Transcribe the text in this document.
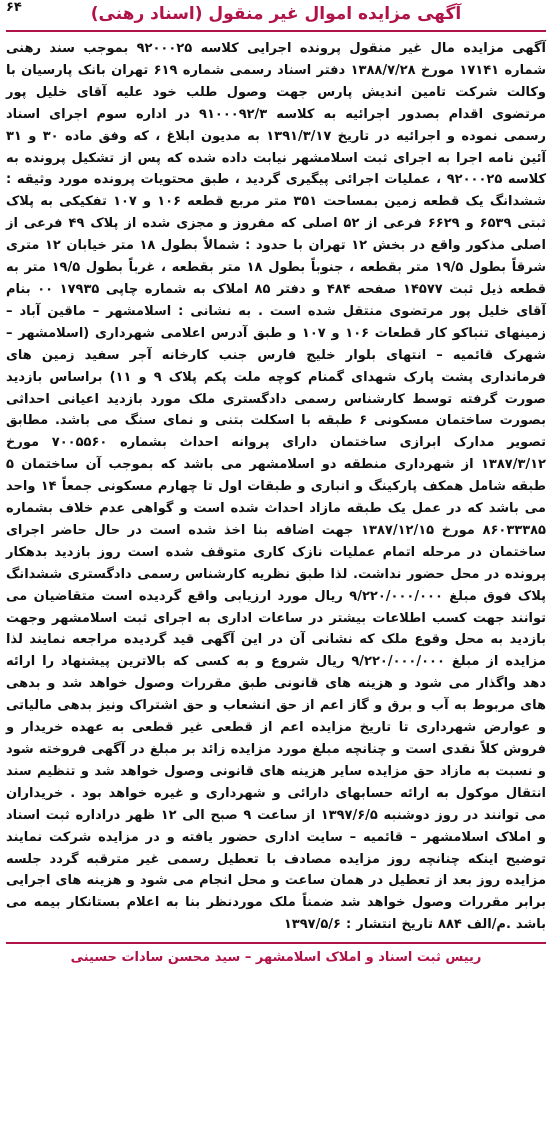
۶۴	آگهی مزایده اموال غیر منقول (اسناد رهنی)

آگهی مزایده مال غیر منقول پرونده اجرایی کلاسه ۹۲۰۰۰۲۵ بموجب سند رهنی شماره ۱۷۱۴۱ مورخ ۱۳۸۸/۷/۲۸ دفتر اسناد رسمی شماره ۶۱۹ تهران بانک پارسیان با وکالت شرکت تامین اندیش پارس جهت وصول طلب خود علیه آقای خلیل پور مرتضوی اقدام بصدور اجرائیه به کلاسه ۹۱۰۰۰۹۲/۳ در اداره سوم اجرای اسناد رسمی نموده و اجرائیه در تاریخ ۱۳۹۱/۳/۱۷ به مدیون ابلاغ ، که وفق ماده ۳۰ و ۳۱ آئین نامه اجرا به اجرای ثبت اسلامشهر نیابت داده شده که پس از تشکیل پرونده به کلاسه ۹۲۰۰۰۲۵ ، عملیات اجرائی پیگیری گردید ، طبق محتویات پرونده مورد وثیقه : ششدانگ یک قطعه زمین بمساحت ۳۵۱ متر مربع قطعه ۱۰۶ و ۱۰۷ تفکیکی به پلاک ثبتی ۶۵۳۹ و ۶۶۲۹ فرعی از ۵۲ اصلی که مفروز و مجزی شده از پلاک ۴۹ فرعی از اصلی مذکور واقع در بخش ۱۲ تهران با حدود : شمالاً بطول ۱۸ متر خیابان ۱۲ متری شرقاً بطول ۱۹/۵ متر بقطعه ، جنوباً بطول ۱۸ متر بقطعه ، غرباً بطول ۱۹/۵ متر به قطعه ذیل ثبت ۱۴۵۷۷ صفحه ۴۸۴ و دفتر ۸۵ املاک به شماره چاپی ۱۷۹۳۵ ۰۰ بنام آقای خلیل پور مرتضوی منتقل شده است . به نشانی : اسلامشهر – ماقین آباد – زمینهای تنباکو کار قطعات ۱۰۶ و ۱۰۷ و طبق آدرس اعلامی شهرداری (اسلامشهر – شهرک قائمیه – انتهای بلوار خلیج فارس جنب کارخانه آجر سفید زمین های فرمانداری پشت پارک شهدای گمنام کوچه ملت پکم پلاک ۹ و ۱۱) براساس بازدید صورت گرفته توسط کارشناس رسمی دادگستری ملک مورد بازدید اعیانی احداثی بصورت ساختمان مسکونی ۶ طبقه با اسکلت بتنی و نمای سنگ می باشد. مطابق تصویر مدارک ابرازی ساختمان دارای پروانه احداث بشماره ۷۰۰۵۵۶۰ مورخ ۱۳۸۷/۳/۱۲ از شهرداری منطقه دو اسلامشهر می باشد که بموجب آن ساختمان ۵ طبقه شامل همکف پارکینگ و انباری و طبقات اول تا چهارم مسکونی جمعاً ۱۴ واحد می باشد که در عمل یک طبقه مازاد احداث شده است و گواهی عدم خلاف بشماره ۸۶۰۳۳۳۸۵ مورخ ۱۳۸۷/۱۲/۱۵ جهت اضافه بنا اخذ شده است در حال حاضر اجرای ساختمان در مرحله اتمام عملیات نازک کاری متوقف شده است روز بازدید بدهکار پرونده در محل حضور نداشت. لذا طبق نظریه کارشناس رسمی دادگستری ششدانگ پلاک فوق مبلغ ۹/۲۲۰/۰۰۰/۰۰۰ ریال مورد ارزیابی واقع گردیده است متقاضیان می توانند جهت کسب اطلاعات بیشتر در ساعات اداری به اجرای ثبت اسلامشهر وجهت بازدید به محل وقوع ملک که نشانی آن در این آگهی قید گردیده مراجعه نمایند لذا مزایده از مبلغ ۹/۲۲۰/۰۰۰/۰۰۰ ریال شروع و به کسی که بالاترین پیشنهاد را ارائه دهد واگذار می شود و هزینه های قانونی طبق مقررات وصول خواهد شد و بدهی های مربوط به آب و برق و گاز اعم از حق انشعاب و حق اشتراک ونیز بدهی مالیاتی و عوارض شهرداری تا تاریخ مزایده اعم از قطعی غیر قطعی به عهده خریدار و فروش کلاً نقدی است و چنانچه مبلغ مورد مزایده زائد بر مبلغ در آگهی فروخته شود و نسبت به مازاد حق مزایده سایر هزینه های قانونی وصول خواهد شد و تنظیم سند انتقال موکول به ارائه حسابهای دارائی و شهرداری و غیره خواهد بود . خریداران می توانند در روز دوشنبه ۱۳۹۷/۶/۵ از ساعت ۹ صبح الی ۱۲ ظهر دراداره ثبت اسناد و املاک اسلامشهر – قائمیه – سایت اداری حضور یافته و در مزایده شرکت نمایند توضیح اینکه چنانچه روز مزایده مصادف با تعطیل رسمی غیر مترقبه گردد جلسه مزایده روز بعد از تعطیل در همان ساعت و محل انجام می شود و هزینه های اجرایی برابر مقررات وصول خواهد شد ضمناً ملک موردنظر بنا به اعلام بستانکار بیمه می باشد .م/الف ۸۸۴ تاریخ انتشار : ۱۳۹۷/۵/۶

رییس ثبت اسناد و املاک اسلامشهر – سید محسن سادات حسینی
